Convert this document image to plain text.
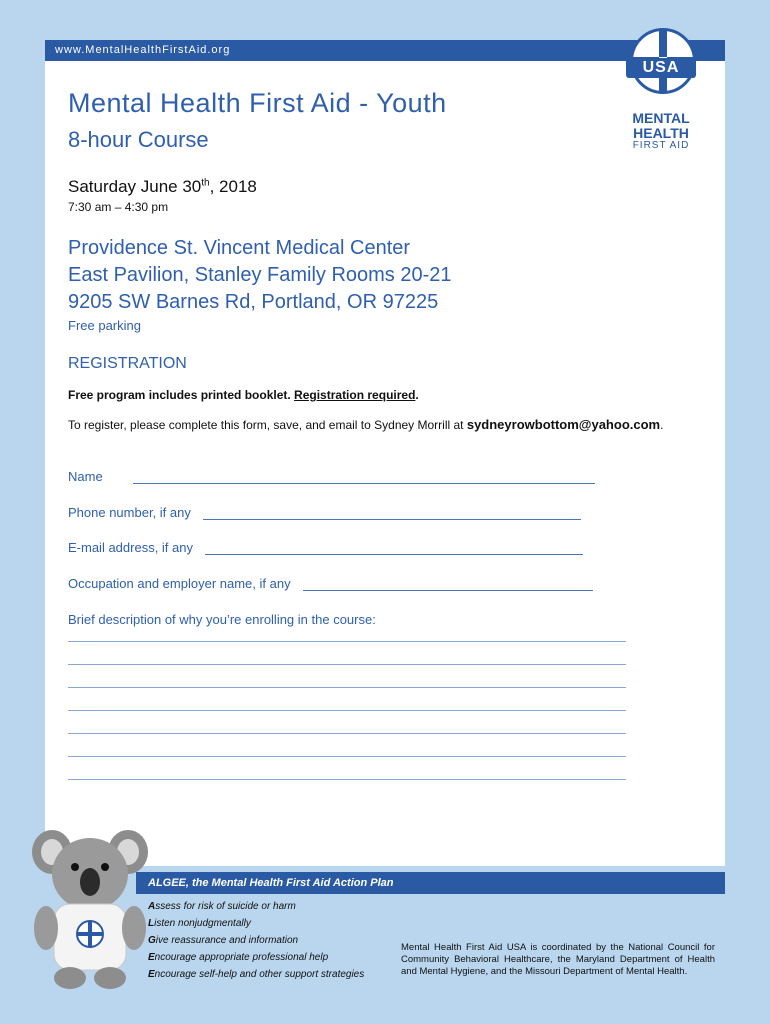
www.MentalHealthFirstAid.org
USA
MENTAL
HEALTH
FIRST AID
Mental Health First Aid - Youth
8-hour Course
Saturday June 30th, 2018
7:30 am – 4:30 pm
Providence St. Vincent Medical Center
East Pavilion, Stanley Family Rooms 20-21
9205 SW Barnes Rd, Portland, OR 97225
Free parking
REGISTRATION
Free program includes printed booklet. Registration required.
To register, please complete this form, save, and email to Sydney Morrill at sydneyrowbottom@yahoo.com.
Name
Phone number, if any
E-mail address, if any
Occupation and employer name, if any
Brief description of why you’re enrolling in the course:
ALGEE, the Mental Health First Aid Action Plan
Assess for risk of suicide or harm
Listen nonjudgmentally
Give reassurance and information
Encourage appropriate professional help
Encourage self-help and other support strategies
Mental Health First Aid USA is coordinated by the National Council for Community Behavioral Healthcare, the Maryland Department of Health and Mental Hygiene, and the Missouri Department of Mental Health.
